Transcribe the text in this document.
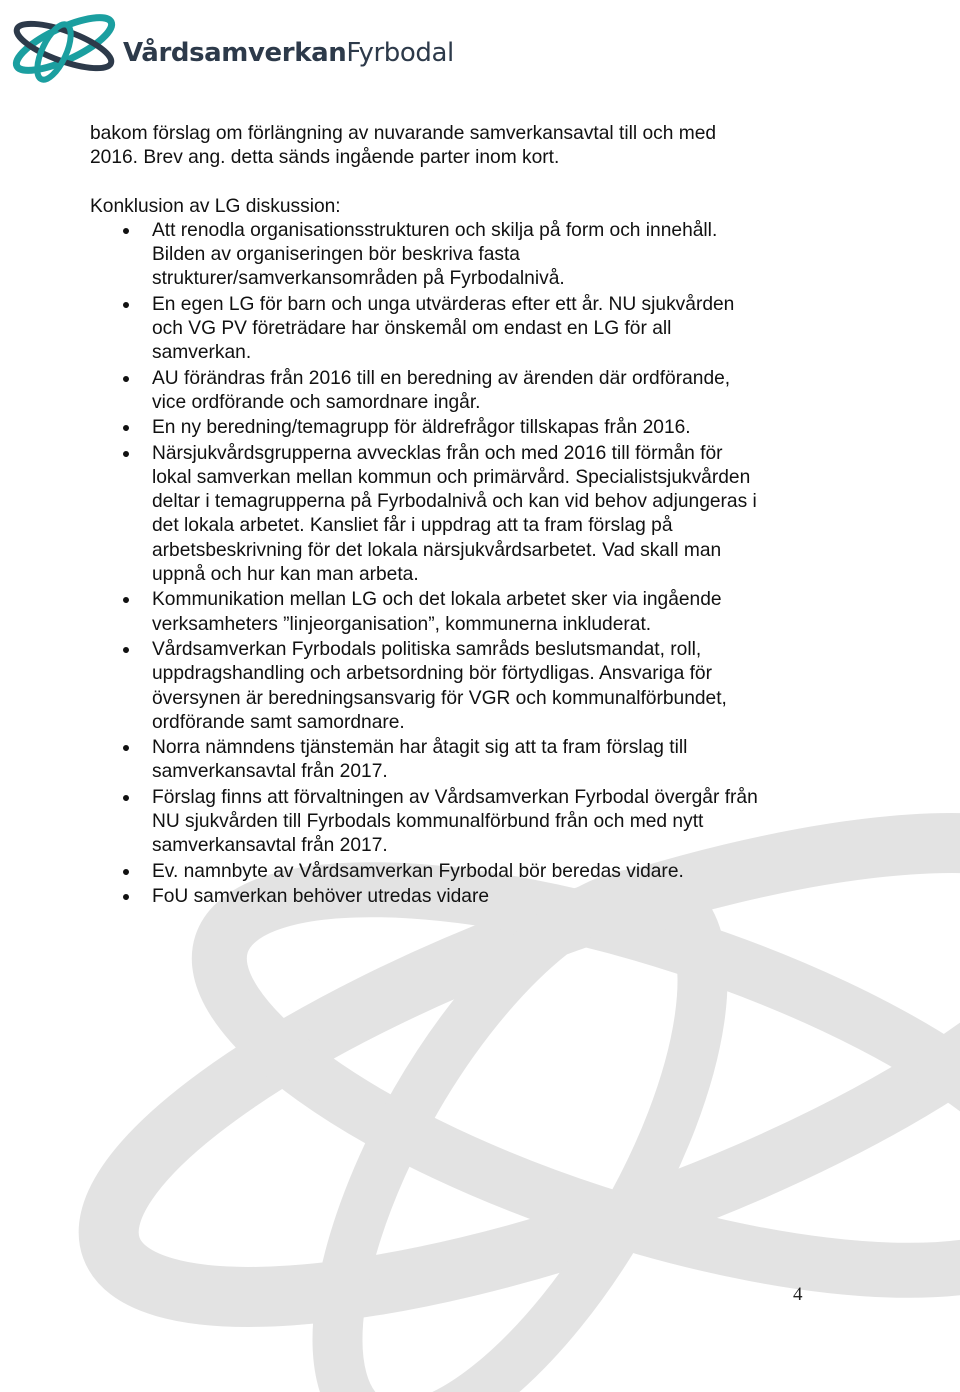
VårdsamverkanFyrbodal

bakom förslag om förlängning av nuvarande samverkansavtal till och med

2016. Brev ang. detta sänds ingående parter inom kort.

Konklusion av LG diskussion:

Att renodla organisationsstrukturen och skilja på form och innehåll.
Bilden av organiseringen bör beskriva fasta
strukturer/samverkansområden på Fyrbodalnivå.
En egen LG för barn och unga utvärderas efter ett år. NU sjukvården
och VG PV företrädare har önskemål om endast en LG för all
samverkan.
AU förändras från 2016 till en beredning av ärenden där ordförande,
vice ordförande och samordnare ingår.
En ny beredning/temagrupp för äldrefrågor tillskapas från 2016.
Närsjukvårdsgrupperna avvecklas från och med 2016 till förmån för
lokal samverkan mellan kommun och primärvård. Specialistsjukvården
deltar i temagrupperna på Fyrbodalnivå och kan vid behov adjungeras i
det lokala arbetet. Kansliet får i uppdrag att ta fram förslag på
arbetsbeskrivning för det lokala närsjukvårdsarbetet. Vad skall man
uppnå och hur kan man arbeta.
Kommunikation mellan LG och det lokala arbetet sker via ingående
verksamheters ”linjeorganisation”, kommunerna inkluderat.
Vårdsamverkan Fyrbodals politiska samråds beslutsmandat, roll,
uppdragshandling och arbetsordning bör förtydligas. Ansvariga för
översynen är beredningsansvarig för VGR och kommunalförbundet,
ordförande samt samordnare.
Norra nämndens tjänstemän har åtagit sig att ta fram förslag till
samverkansavtal från 2017.
Förslag finns att förvaltningen av Vårdsamverkan Fyrbodal övergår från
NU sjukvården till Fyrbodals kommunalförbund från och med nytt
samverkansavtal från 2017.
Ev. namnbyte av Vårdsamverkan Fyrbodal bör beredas vidare.
FoU samverkan behöver utredas vidare
4
